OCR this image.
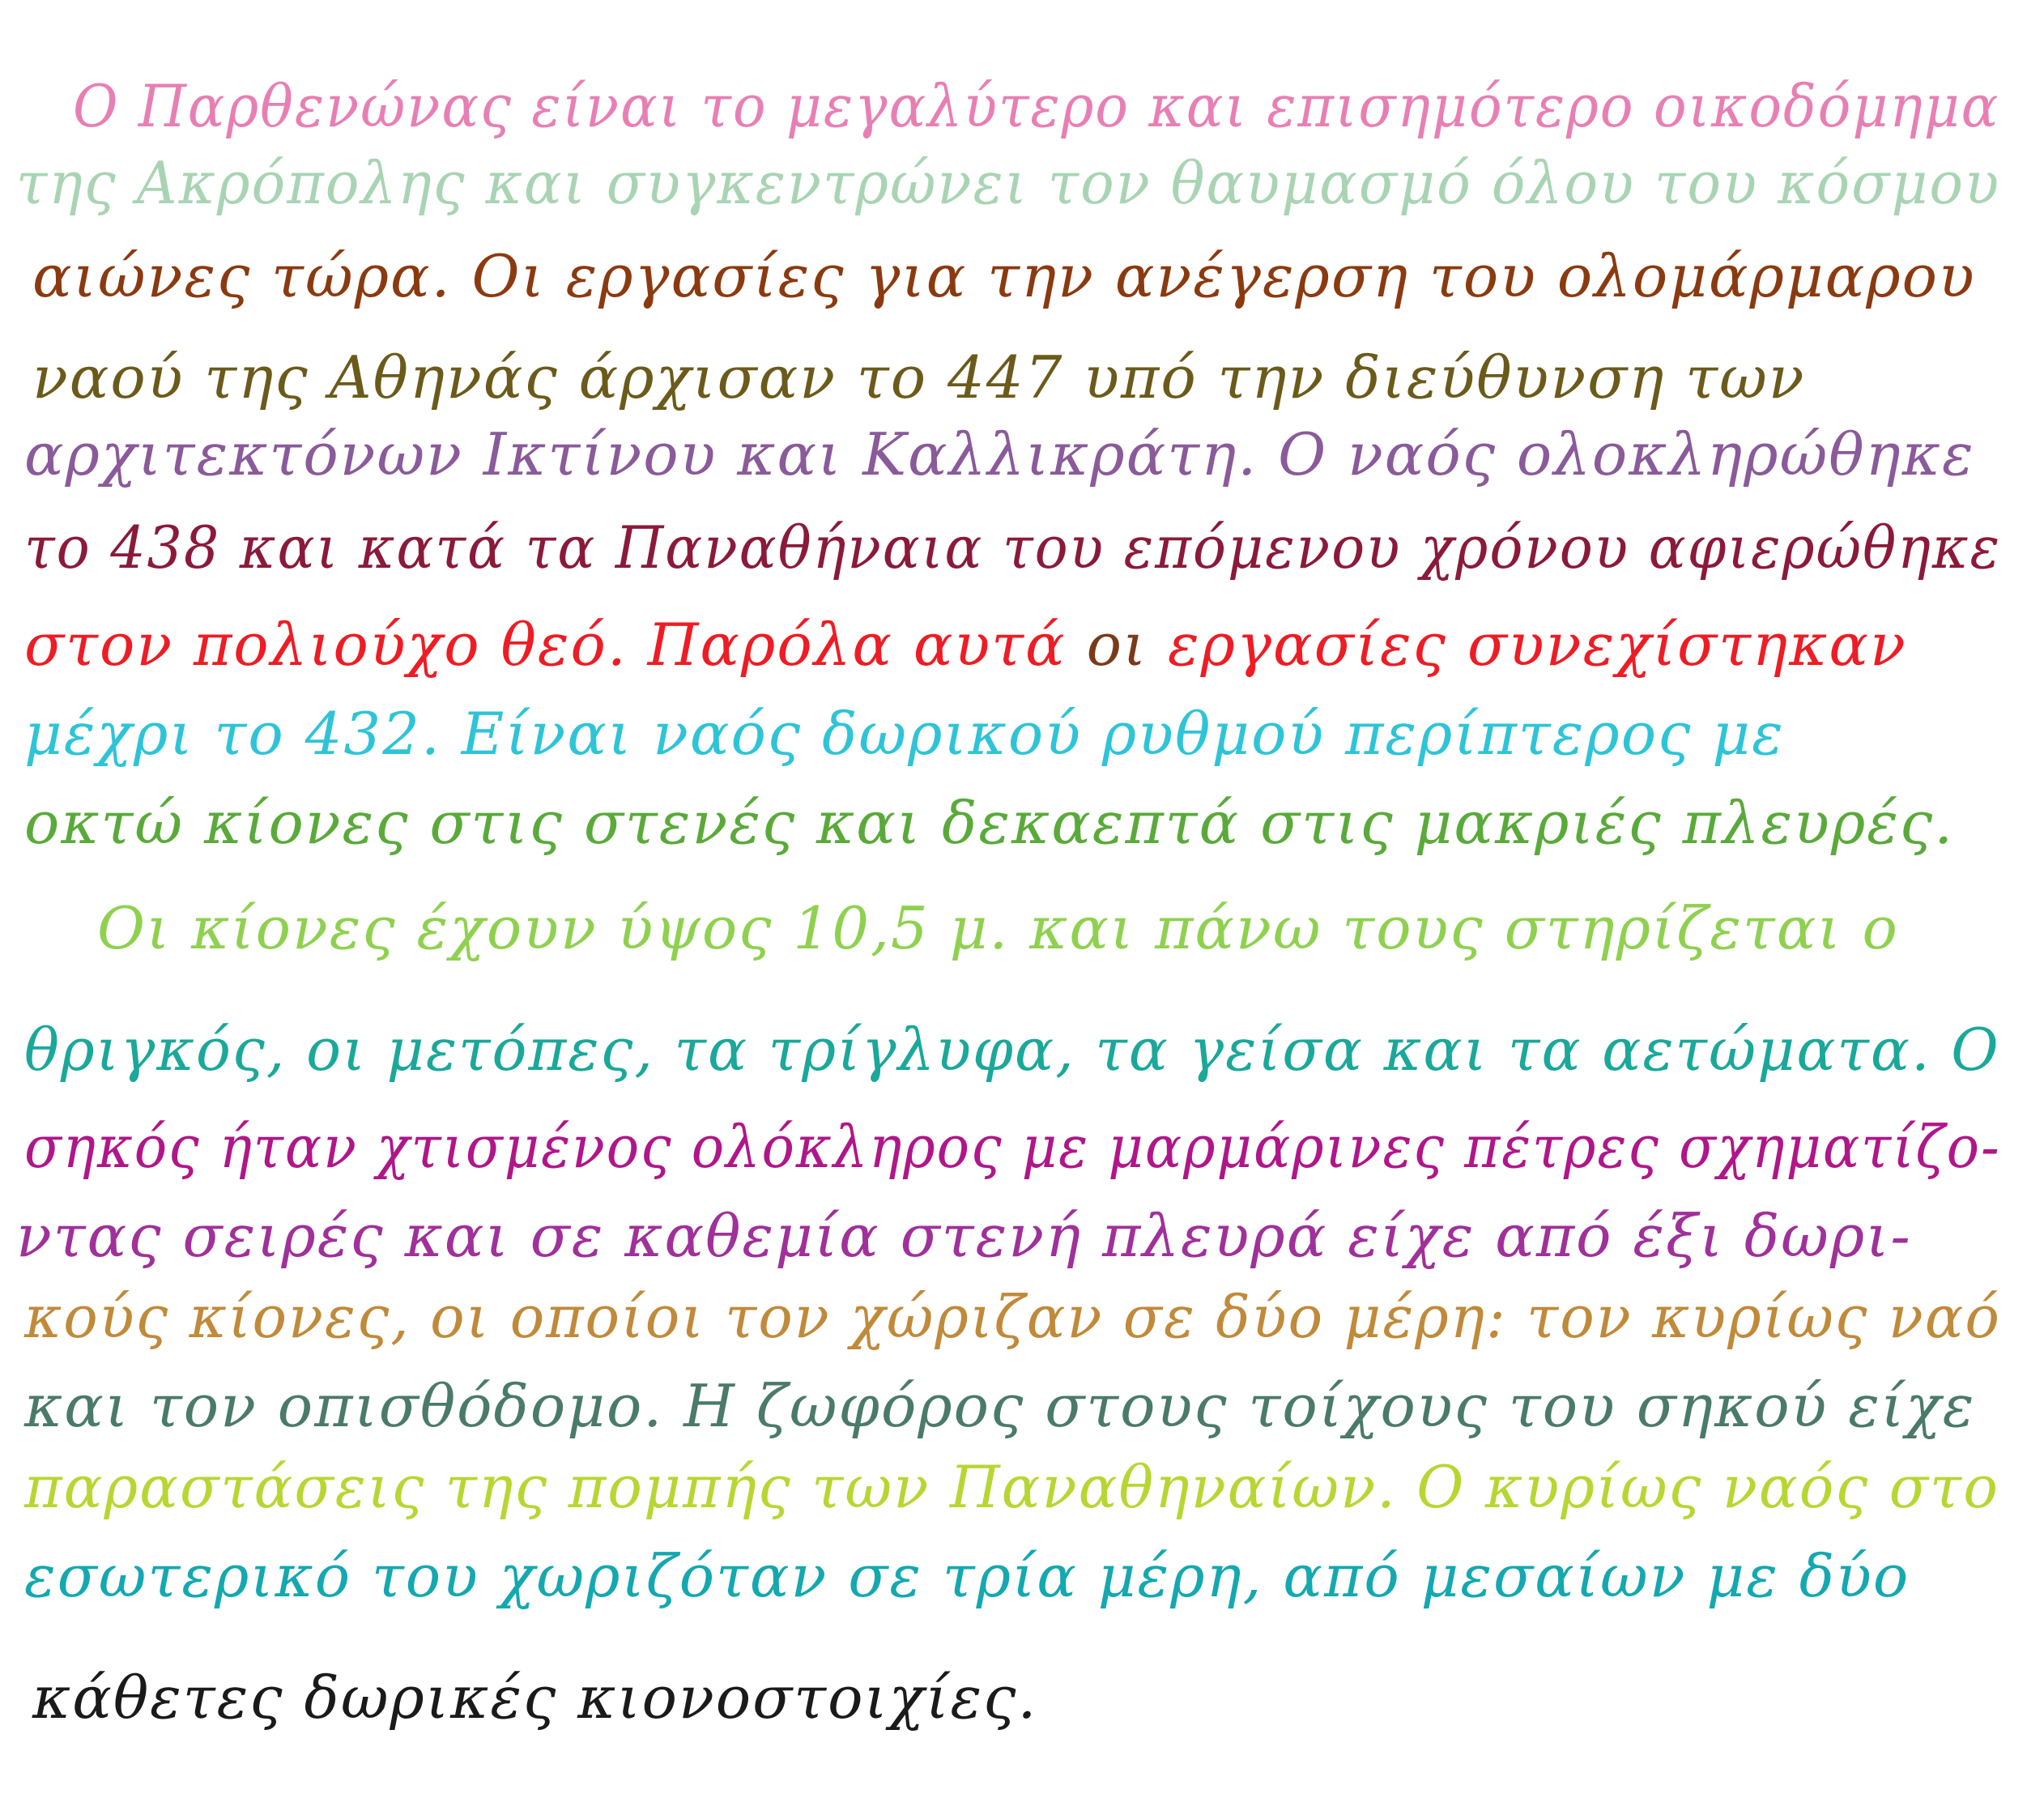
Ο Παρθενώνας είναι το μεγαλύτερο και επισημότερο οικοδόμημα
της Ακρόπολης και συγκεντρώνει τον θαυμασμό όλου του κόσμου
αιώνες τώρα. Οι εργασίες για την ανέγερση του ολομάρμαρου
ναού της Αθηνάς άρχισαν το 447 υπό την διεύθυνση των
αρχιτεκτόνων Ικτίνου και Καλλικράτη. Ο ναός ολοκληρώθηκε
το 438 και κατά τα Παναθήναια του επόμενου χρόνου αφιερώθηκε
στον πολιούχο θεό. Παρόλα αυτά οι εργασίες συνεχίστηκαν
μέχρι το 432. Είναι ναός δωρικού ρυθμού περίπτερος με
οκτώ κίονες στις στενές και δεκαεπτά στις μακριές πλευρές.
Οι κίονες έχουν ύψος 10,5 μ. και πάνω τους στηρίζεται ο
θριγκός, οι μετόπες, τα τρίγλυφα, τα γείσα και τα αετώματα. Ο
σηκός ήταν χτισμένος ολόκληρος με μαρμάρινες πέτρες σχηματίζο-
ντας σειρές και σε καθεμία στενή πλευρά είχε από έξι δωρι-
κούς κίονες, οι οποίοι τον χώριζαν σε δύο μέρη: τον κυρίως ναό
και τον οπισθόδομο. Η ζωφόρος στους τοίχους του σηκού είχε
παραστάσεις της πομπής των Παναθηναίων. Ο κυρίως ναός στο
εσωτερικό του χωριζόταν σε τρία μέρη, από μεσαίων με δύο
κάθετες δωρικές κιονοστοιχίες.
